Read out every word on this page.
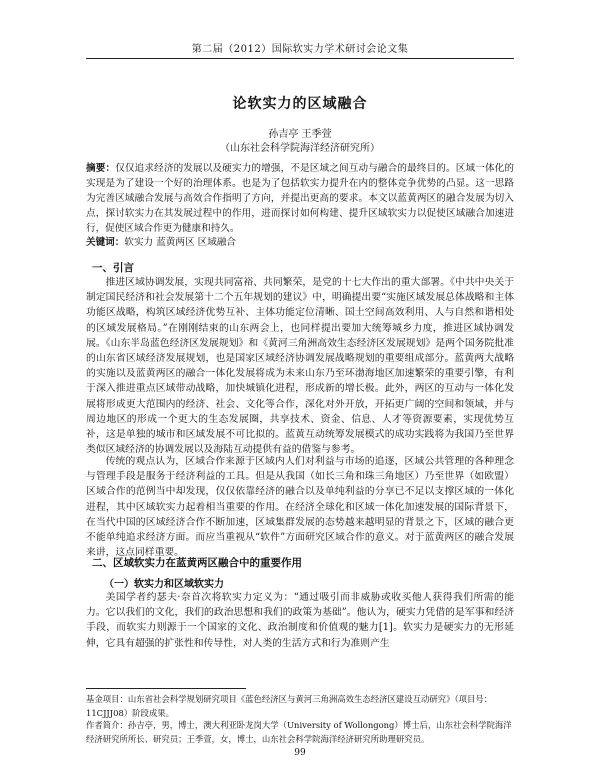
第二届（2012）国际软实力学术研讨会论文集
论软实力的区域融合
孙吉亭 王季萱
（山东社会科学院海洋经济研究所）
摘要：仅仅追求经济的发展以及硬实力的增强，不是区域之间互动与融合的最终目的。区域一体化的实现是为了建设一个好的治理体系。也是为了包括软实力提升在内的整体竞争优势的凸显。这一思路为完善区域融合发展与高效合作指明了方向，并提出更高的要求。本文以蓝黄两区的融合发展为切入点，探讨软实力在其发展过程中的作用，进而探讨如何构建、提升区域软实力以促使区域融合加速进行，促使区域合作更为健康和持久。
关键词：软实力 蓝黄两区 区域融合
一、引言
推进区域协调发展，实现共同富裕、共同繁荣，是党的十七大作出的重大部署。《中共中央关于制定国民经济和社会发展第十二个五年规划的建议》中，明确提出要“实施区域发展总体战略和主体功能区战略，构筑区域经济优势互补、主体功能定位清晰、国土空间高效利用、人与自然和谐相处的区域发展格局。”在刚刚结束的山东两会上，也同样提出要加大统筹城乡力度，推进区域协调发展。《山东半岛蓝色经济区发展规划》和《黄河三角洲高效生态经济区发展规划》是两个国务院批准的山东省区域经济发展规划，也是国家区域经济协调发展战略规划的重要组成部分。蓝黄两大战略的实施以及蓝黄两区的融合一体化发展将成为未来山东乃至环渤海地区加速繁荣的重要引擎，有利于深入推进重点区域带动战略，加快城镇化进程，形成新的增长极。此外，两区的互动与一体化发展将形成更大范围内的经济、社会、文化等合作，深化对外开放，开拓更广阔的空间和领域，并与周边地区的形成一个更大的生态发展圈，共享技术、资金、信息、人才等资源要素，实现优势互补，这是单独的城市和区域发展不可比拟的。蓝黄互动统筹发展模式的成功实践将为我国乃至世界类似区域经济的协调发展以及海陆互动提供有益的借鉴与参考。
传统的观点认为，区域合作来源于区域内人们对利益与市场的追逐，区域公共管理的各种理念与管理手段是服务于经济利益的工具。但是从我国（如长三角和珠三角地区）乃至世界（如欧盟）区域合作的范例当中却发现，仅仅依靠经济的融合以及单纯利益的分享已不足以支撑区域的一体化进程，其中区域软实力起着相当重要的作用。在经济全球化和区域一体化加速发展的国际背景下，在当代中国的区域经济合作不断加速，区域集群发展的态势越来越明显的背景之下，区域的融合更不能单纯追求经济方面。而应当重视从“软件”方面研究区域合作的意义。对于蓝黄两区的融合发展来讲，这点同样重要。
二、区域软实力在蓝黄两区融合中的重要作用
（一）软实力和区域软实力
美国学者约瑟夫·奈首次将软实力定义为：“通过吸引而非威胁或收买他人获得我们所需的能力。它以我们的文化，我们的政治思想和我们的政策为基础”。他认为，硬实力凭借的是军事和经济手段，而软实力则源于一个国家的文化、政治制度和价值观的魅力[1]。软实力是硬实力的无形延伸，它具有超强的扩张性和传导性，对人类的生活方式和行为准则产生
基金项目：山东省社会科学规划研究项目《蓝色经济区与黄河三角洲高效生态经济区建设互动研究》（项目号：11CJJJ08）阶段成果。
作者简介：孙吉亭，男，博士，澳大利亚卧龙岗大学（University of Wollongong）博士后，山东社会科学院海洋经济研究所所长、研究员；王季萱，女，博士，山东社会科学院海洋经济研究所助理研究员。
99
